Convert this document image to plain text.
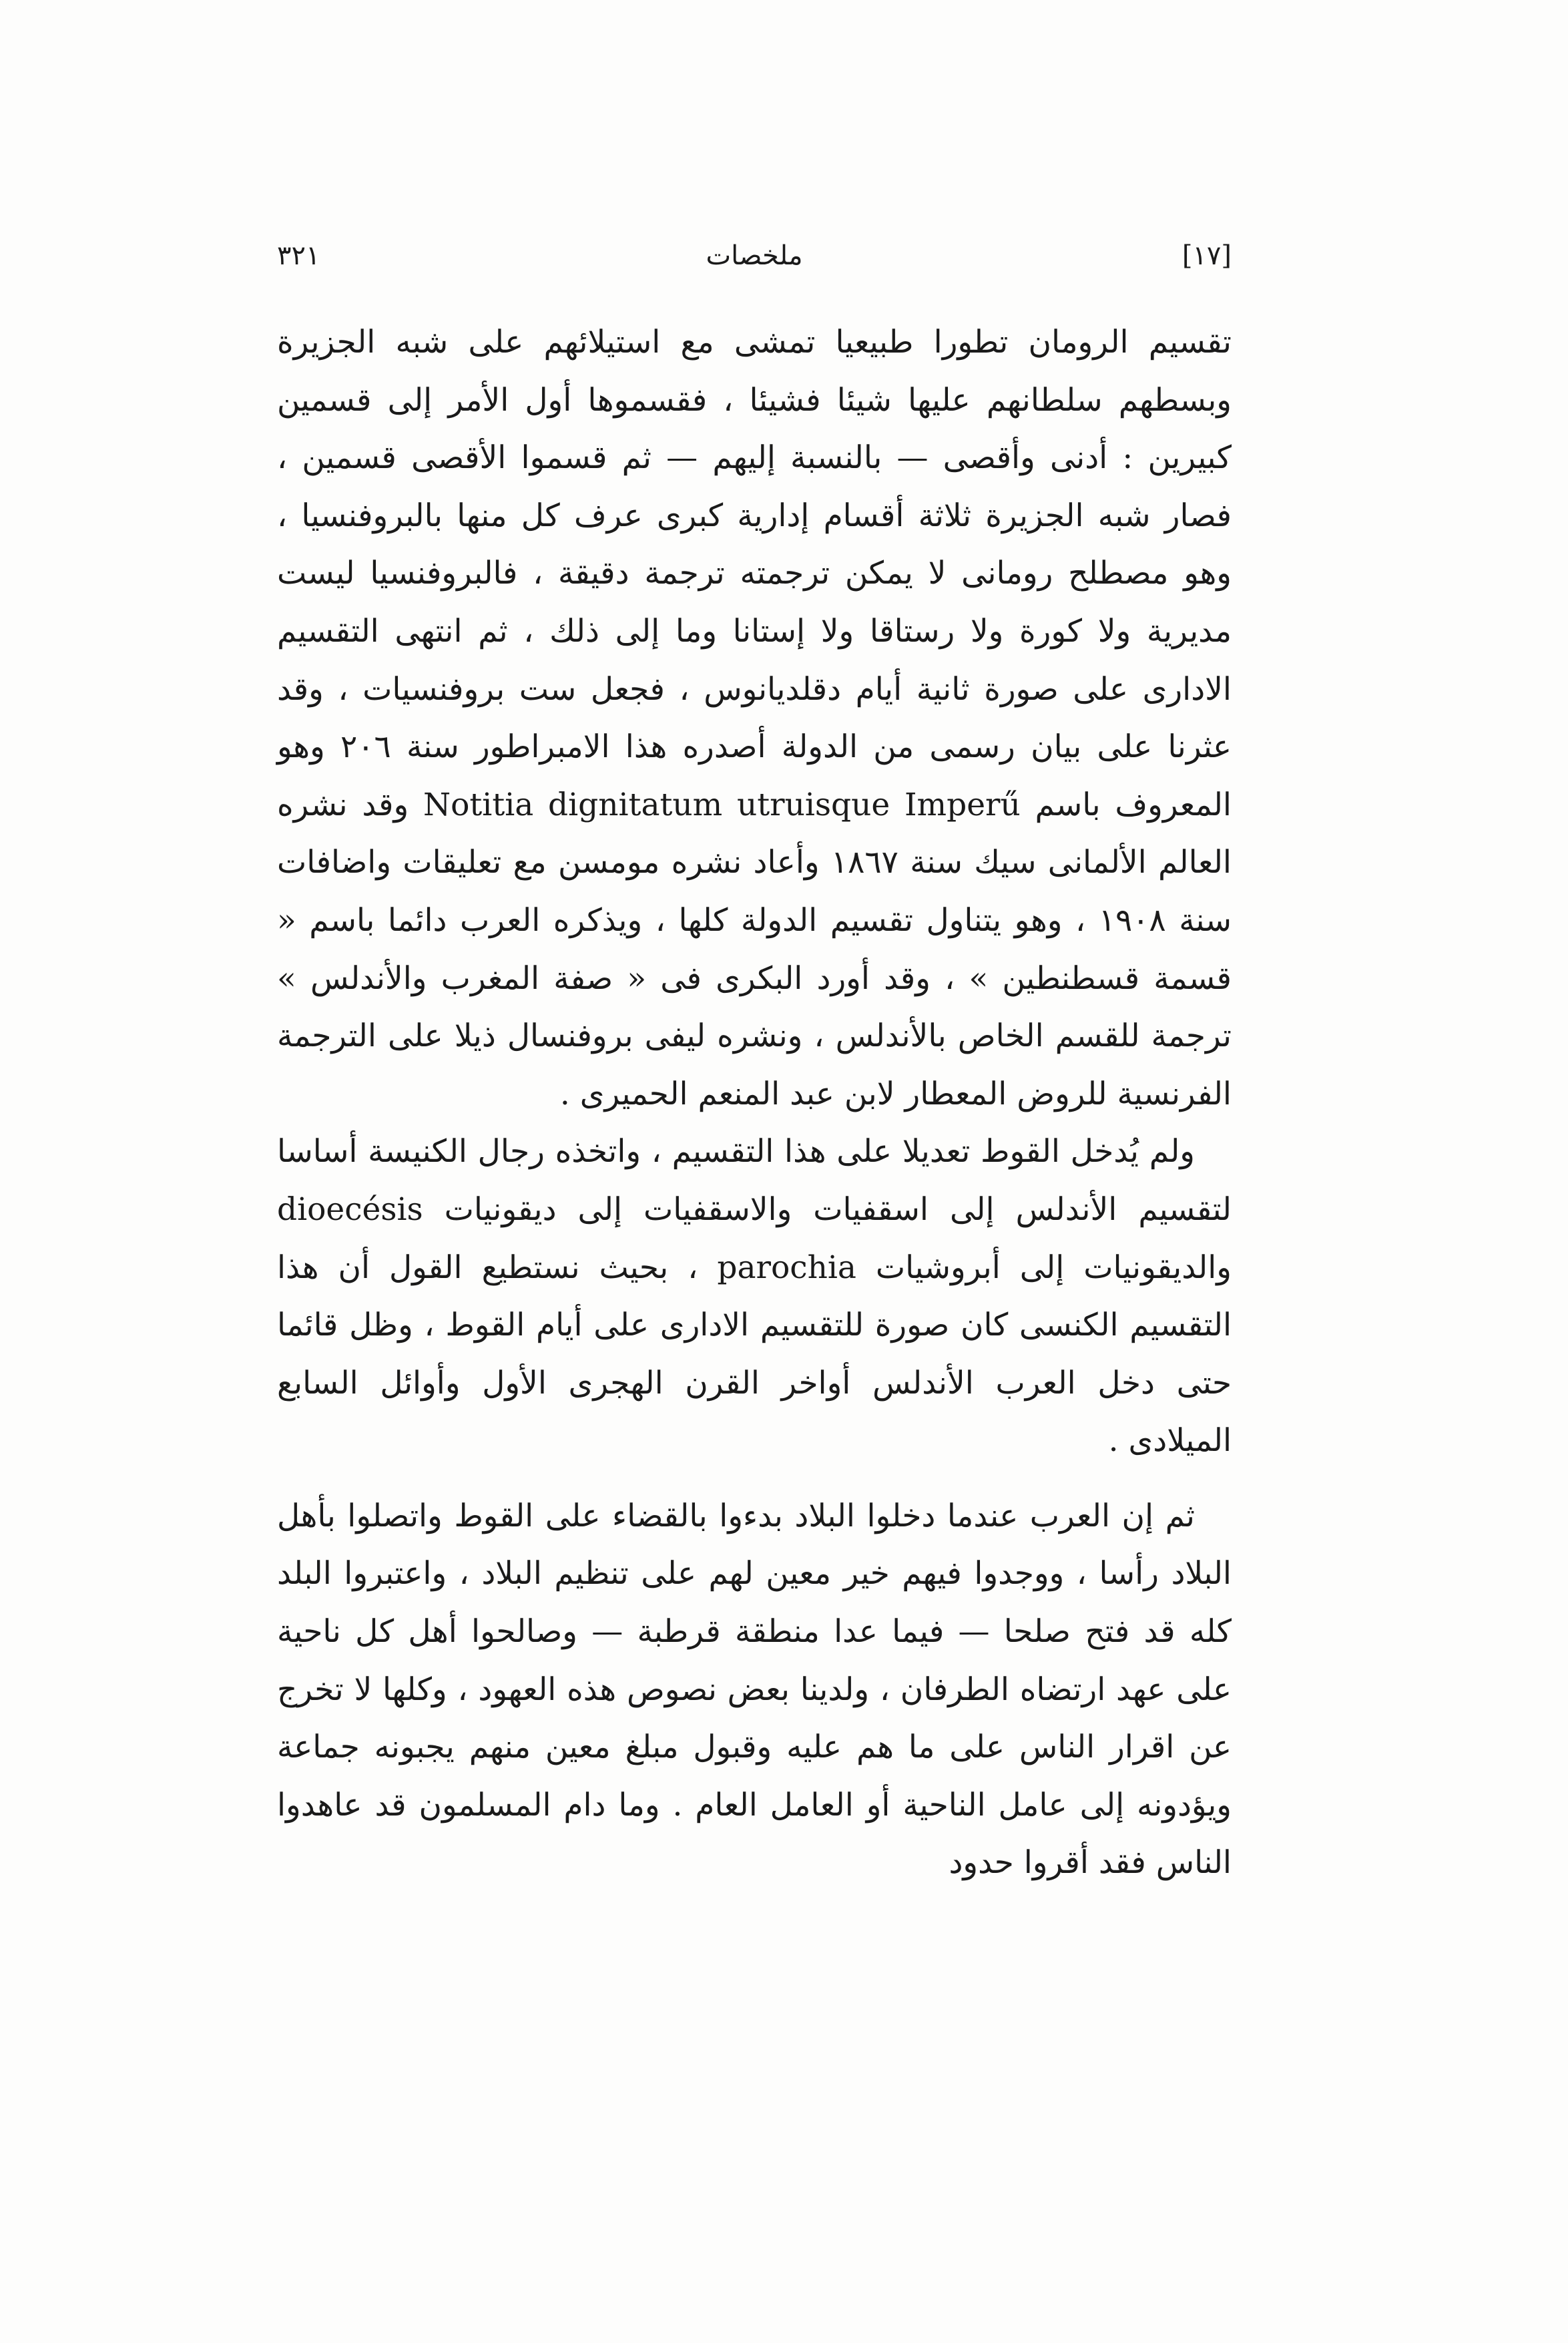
٣٢١	ملخصات	[١٧]

تقسيم الرومان تطورا طبيعيا تمشى مع استيلائهم على شبه الجزيرة وبسطهم سلطانهم عليها شيئا فشيئا ، فقسموها أول الأمر إلى قسمين كبيرين : أدنى وأقصى — بالنسبة إليهم — ثم قسموا الأقصى قسمين ، فصار شبه الجزيرة ثلاثة أقسام إدارية كبرى عرف كل منها بالبروفنسيا ، وهو مصطلح رومانى لا يمكن ترجمته ترجمة دقيقة ، فالبروفنسيا ليست مديرية ولا كورة ولا رستاقا ولا إستانا وما إلى ذلك ، ثم انتهى التقسيم الادارى على صورة ثانية أيام دقلديانوس ، فجعل ست بروفنسيات ، وقد عثرنا على بيان رسمى من الدولة أصدره هذا الامبراطور سنة ٢٠٦ وهو المعروف باسم Notitia dignitatum utruisque Imperű وقد نشره العالم الألمانى سيك سنة ١٨٦٧ وأعاد نشره مومسن مع تعليقات واضافات سنة ١٩٠٨ ، وهو يتناول تقسيم الدولة كلها ، ويذكره العرب دائما باسم « قسمة قسطنطين » ، وقد أورد البكرى فى « صفة المغرب والأندلس » ترجمة للقسم الخاص بالأندلس ، ونشره ليفى بروفنسال ذيلا على الترجمة الفرنسية للروض المعطار لابن عبد المنعم الحميرى .

ولم يُدخل القوط تعديلا على هذا التقسيم ، واتخذه رجال الكنيسة أساسا لتقسيم الأندلس إلى اسقفيات والاسقفيات إلى ديقونيات dioecésis والديقونيات إلى أبروشيات parochia ، بحيث نستطيع القول أن هذا التقسيم الكنسى كان صورة للتقسيم الادارى على أيام القوط ، وظل قائما حتى دخل العرب الأندلس أواخر القرن الهجرى الأول وأوائل السابع الميلادى .

ثم إن العرب عندما دخلوا البلاد بدءوا بالقضاء على القوط واتصلوا بأهل البلاد رأسا ، ووجدوا فيهم خير معين لهم على تنظيم البلاد ، واعتبروا البلد كله قد فتح صلحا — فيما عدا منطقة قرطبة — وصالحوا أهل كل ناحية على عهد ارتضاه الطرفان ، ولدينا بعض نصوص هذه العهود ، وكلها لا تخرج عن اقرار الناس على ما هم عليه وقبول مبلغ معين منهم يجبونه جماعة ويؤدونه إلى عامل الناحية أو العامل العام . وما دام المسلمون قد عاهدوا الناس فقد أقروا حدود
